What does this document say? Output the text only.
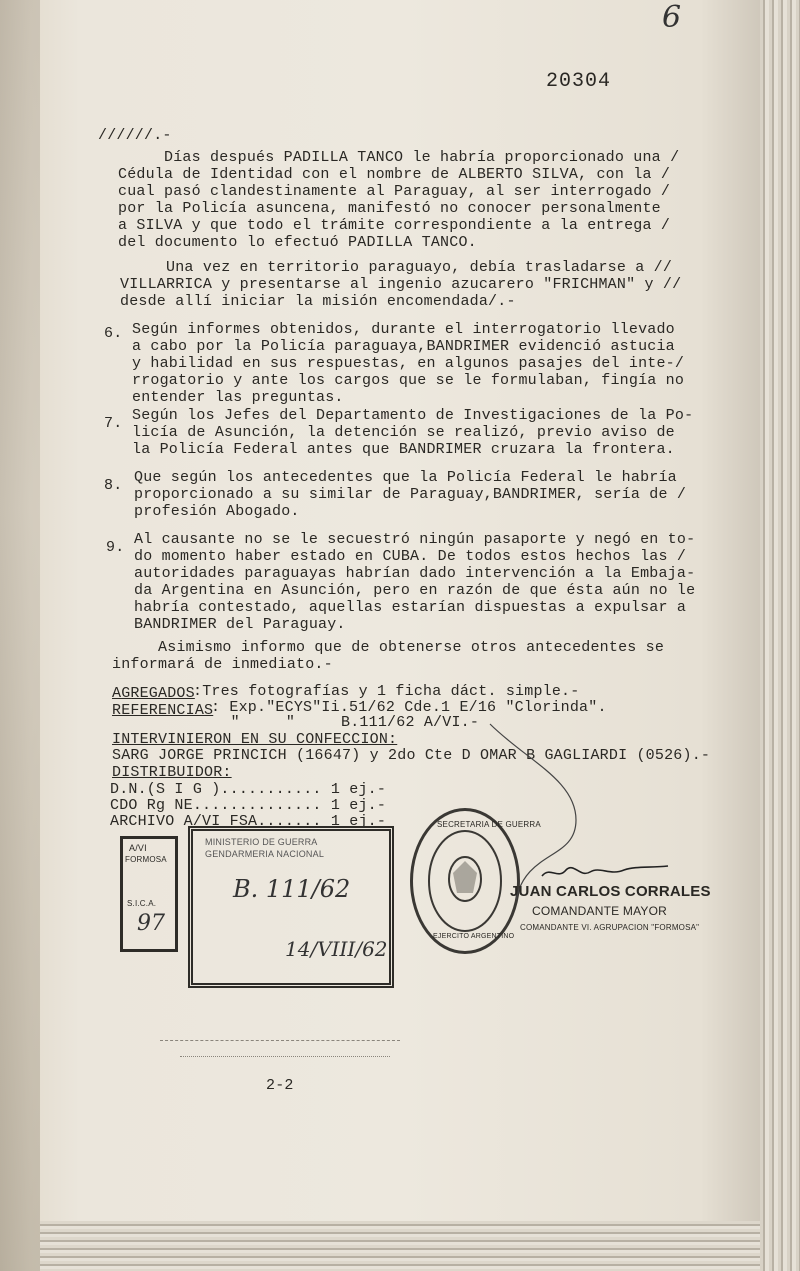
6
20304
//////.-
Días después PADILLA TANCO le habría proporcionado una /
Cédula de Identidad con el nombre de ALBERTO SILVA, con la /
cual pasó clandestinamente al Paraguay, al ser interrogado /
por la Policía asuncena, manifestó no conocer personalmente
a SILVA y que todo el trámite correspondiente a la entrega /
del documento lo efectuó PADILLA TANCO.
Una vez en territorio paraguayo, debía trasladarse a //
VILLARRICA y presentarse al ingenio azucarero "FRICHMAN" y //
desde allí iniciar la misión encomendada/.-
6. Según informes obtenidos, durante el interrogatorio llevado
a cabo por la Policía paraguaya,BANDRIMER evidenció astucia
y habilidad en sus respuestas, en algunos pasajes del inte-/
rrogatorio y ante los cargos que se le formulaban, fingía no
entender las preguntas.
7. Según los Jefes del Departamento de Investigaciones de la Po-
licía de Asunción, la detención se realizó, previo aviso de
la Policía Federal antes que BANDRIMER cruzara la frontera.
8. Que según los antecedentes que la Policía Federal le habría
proporcionado a su similar de Paraguay,BANDRIMER, sería de /
profesión Abogado.
9. Al causante no se le secuestró ningún pasaporte y negó en to-
do momento haber estado en CUBA. De todos estos hechos las /
autoridades paraguayas habrían dado intervención a la Embaja-
da Argentina en Asunción, pero en razón de que ésta aún no le
habría contestado, aquellas estarían dispuestas a expulsar a
BANDRIMER del Paraguay.
Asimismo informo que de obtenerse otros antecedentes se
informará de inmediato.-
AGREGADOS
:Tres fotografías y 1 ficha dáct. simple.-
REFERENCIAS
: Exp."ECYS"Ii.51/62 Cde.1 E/16 "Clorinda".
"     "     B.111/62 A/VI.-
INTERVINIERON EN SU CONFECCION:
SARG JORGE PRINCICH (16647) y 2do Cte D OMAR B GAGLIARDI (0526).-
DISTRIBUIDOR:
D.N.(S I G )........... 1 ej.-
CDO Rg NE.............. 1 ej.-
ARCHIVO A/VI FSA....... 1 ej.-
A/VI
FORMOSA
S.I.C.A.
97
MINISTERIO DE GUERRA
GENDARMERIA NACIONAL
B. 111/62
14/VIII/62
SECRETARIA DE GUERRA
EJERCITO ARGENTINO
JUAN CARLOS CORRALES
COMANDANTE MAYOR
COMANDANTE VI. AGRUPACION "FORMOSA"
2-2
